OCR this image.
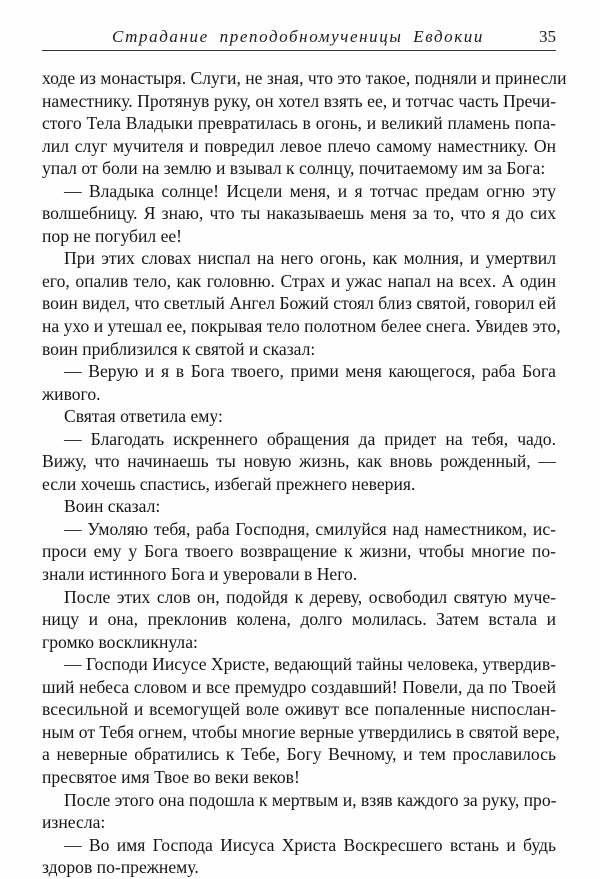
Страдание преподобномученицы Евдокии	35
ходе из монастыря. Слуги, не зная, что это такое, подняли и принесли
наместнику. Протянув руку, он хотел взять ее, и тотчас часть Пречи-
стого Тела Владыки превратилась в огонь, и великий пламень попа-
лил слуг мучителя и повредил левое плечо самому наместнику. Он
упал от боли на землю и взывал к солнцу, почитаемому им за Бога:
— Владыка солнце! Исцели меня, и я тотчас предам огню эту
волшебницу. Я знаю, что ты наказываешь меня за то, что я до сих
пор не погубил ее!
При этих словах ниспал на него огонь, как молния, и умертвил
его, опалив тело, как головню. Страх и ужас напал на всех. А один
воин видел, что светлый Ангел Божий стоял близ святой, говорил ей
на ухо и утешал ее, покрывая тело полотном белее снега. Увидев это,
воин приблизился к святой и сказал:
— Верую и я в Бога твоего, прими меня кающегося, раба Бога
живого.
Святая ответила ему:
— Благодать искреннего обращения да придет на тебя, чадо.
Вижу, что начинаешь ты новую жизнь, как вновь рожденный, —
если хочешь спастись, избегай прежнего неверия.
Воин сказал:
— Умоляю тебя, раба Господня, смилуйся над наместником, ис-
проси ему у Бога твоего возвращение к жизни, чтобы многие по-
знали истинного Бога и уверовали в Него.
После этих слов он, подойдя к дереву, освободил святую муче-
ницу и она, преклонив колена, долго молилась. Затем встала и
громко воскликнула:
— Господи Иисусе Христе, ведающий тайны человека, утвердив-
ший небеса словом и все премудро создавший! Повели, да по Твоей
всесильной и всемогущей воле оживут все попаленные ниспослан-
ным от Тебя огнем, чтобы многие верные утвердились в святой вере,
а неверные обратились к Тебе, Богу Вечному, и тем прославилось
пресвятое имя Твое во веки веков!
После этого она подошла к мертвым и, взяв каждого за руку, про-
изнесла:
— Во имя Господа Иисуса Христа Воскресшего встань и будь
здоров по-прежнему.
